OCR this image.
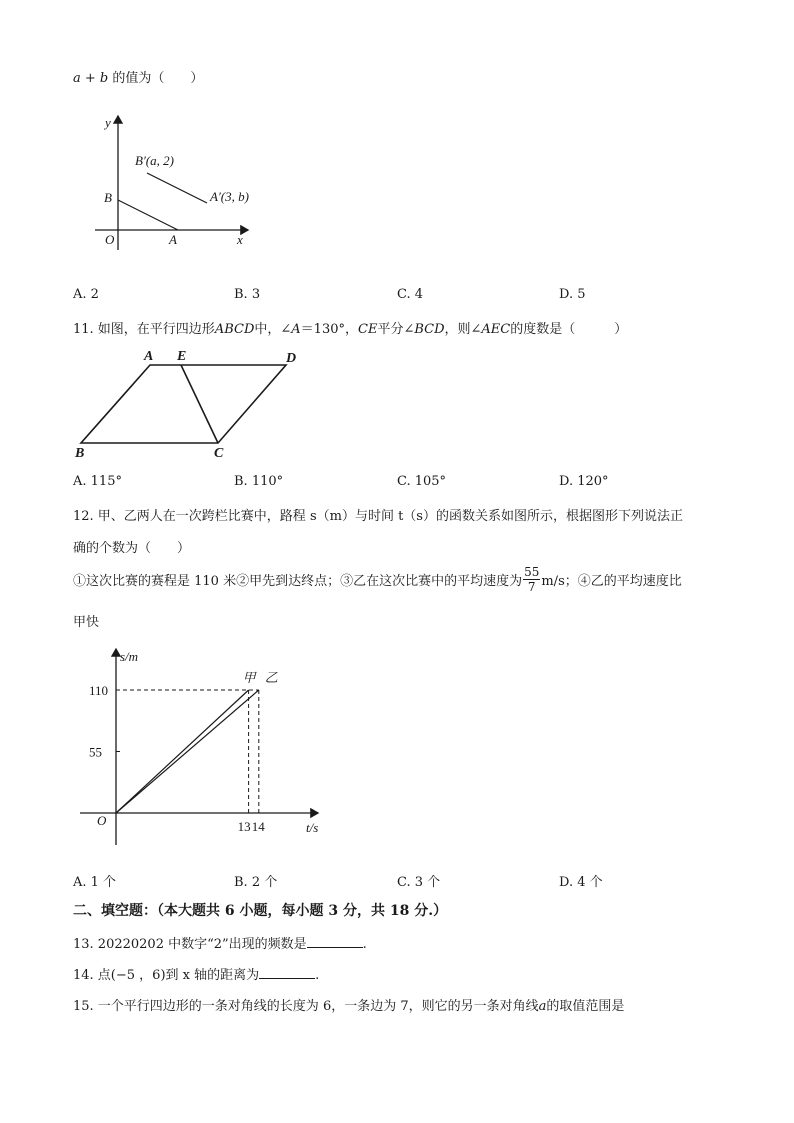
a + b 的值为（　　）
y
x
O
B
A
B′(a, 2)
A′(3, b)
A. 2	B. 3	C. 4	D. 5
11. 如图，在平行四边形ABCD中，∠A＝130°，CE平分∠BCD，则∠AEC的度数是（　　　）
A E	D
B	C
A. 115°	B. 110°	C. 105°	D. 120°
12. 甲、乙两人在一次跨栏比赛中，路程 s（m）与时间 t（s）的函数关系如图所示，根据图形下列说法正
确的个数为（　　）
①这次比赛的赛程是 110 米②甲先到达终点；③乙在这次比赛中的平均速度为 $\frac{55}{7} m/s$；④乙的平均速度比
甲快
s/m
t/s
O
110
55
13 14
甲 乙
A. 1 个	B. 2 个	C. 3 个	D. 4 个
二、填空题：（本大题共 6 小题，每小题 3 分，共 18 分.）
13. 20220202 中数字“2”出现的频数是	.
14. 点(−5 ，6)到 x 轴的距离为	.
15. 一个平行四边形的一条对角线的长度为 6，一条边为 7，则它的另一条对角线a的取值范围是
